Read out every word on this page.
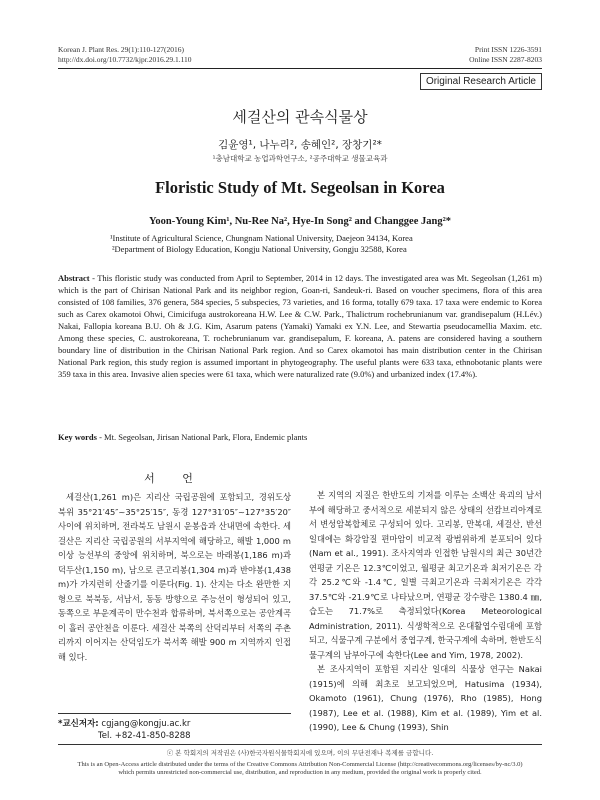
Korean J. Plant Res. 29(1):110-127(2016)
http://dx.doi.org/10.7732/kjpr.2016.29.1.110
Print ISSN 1226-3591
Online ISSN 2287-8203
Original Research Article
세걸산의 관속식물상
김윤영¹, 나누리², 송혜인², 장창기²*
¹충남대학교 농업과학연구소, ²공주대학교 생물교육과
Floristic Study of Mt. Segeolsan in Korea
Yoon-Young Kim¹, Nu-Ree Na², Hye-In Song² and Changgee Jang²*
¹Institute of Agricultural Science, Chungnam National University, Daejeon 34134, Korea
²Department of Biology Education, Kongju National University, Gongju 32588, Korea
Abstract - This floristic study was conducted from April to September, 2014 in 12 days. The investigated area was Mt. Segeolsan (1,261 m) which is the part of Chirisan National Park and its neighbor region, Goan-ri, Sandeuk-ri. Based on voucher specimens, flora of this area consisted of 108 families, 376 genera, 584 species, 5 subspecies, 73 varieties, and 16 forma, totally 679 taxa. 17 taxa were endemic to Korea such as Carex okamotoi Ohwi, Cimicifuga austrokoreana H.W. Lee & C.W. Park., Thalictrum rochebrunianum var. grandisepalum (H.Lév.) Nakai, Fallopia koreana B.U. Oh & J.G. Kim, Asarum patens (Yamaki) Yamaki ex Y.N. Lee, and Stewartia pseudocamellia Maxim. etc. Among these species, C. austrokoreana, T. rochebrunianum var. grandisepalum, F. koreana, A. patens are considered having a southern boundary line of distribution in the Chirisan National Park region. And so Carex okamotoi has main distribution center in the Chirisan National Park region, this study region is assumed important in phytogeography. The useful plants were 633 taxa, ethnobotanic plants were 359 taxa in this area. Invasive alien species were 61 taxa, which were naturalized rate (9.0%) and urbanized index (17.4%).
Key words - Mt. Segeolsan, Jirisan National Park, Flora, Endemic plants
서 언

세걸산(1,261 m)은 지리산 국립공원에 포함되고, 경위도상 북위 35°21′45″~35°25′15″, 동경 127°31′05″~127°35′20″ 사이에 위치하며, 전라북도 남원시 운봉읍과 산내면에 속한다. 세걸산은 지리산 국립공원의 서부지역에 해당하고, 해발 1,000 m 이상 능선부의 중앙에 위치하며, 북으로는 바래봉(1,186 m)과 덕두산(1,150 m), 남으로 큰고리봉(1,304 m)과 반야봉(1,438 m)가 가지런히 산줄기를 이룬다(Fig. 1). 산지는 다소 완만한 지형으로 북북동, 서남서, 동동 방향으로 주능선이 형성되어 있고, 동쪽으로 부운계곡이 만수천과 합류하며, 북서쪽으로는 공안계곡이 흘러 공안천을 이룬다. 세걸산 북쪽의 산덕리부터 서쪽의 주촌리까지 이어지는 산덕임도가 북서쪽 해발 900 m 지역까지 인접해 있다.

본 지역의 지질은 한반도의 기저를 이루는 소백산 육괴의 남서부에 해당하고 중서적으로 세분되지 않은 상태의 선캄브리아계로서 변성암복합체로 구성되어 있다. 고리봉, 만복대, 세걸산, 반선 일대에는 화강암질 편마암이 비교적 광범위하게 분포되어 있다(Nam et al., 1991). 조사지역과 인접한 남원시의 최근 30년간 연평균 기온은 12.3℃이었고, 월평균 최고기온과 최저기온은 각각 25.2℃와 -1.4℃, 일별 극최고기온과 극최저기온은 각각 37.5℃와 -21.9℃로 나타났으며, 연평균 강수량은 1380.4 ㎜, 습도는 71.7%로 측정되었다(Korea Meteorological Administration, 2011). 식생학적으로 온대활엽수림대에 포함되고, 식물구계 구분에서 중엽구계, 한국구계에 속하며, 한반도식물구계의 남부아구에 속한다(Lee and Yim, 1978, 2002).

본 조사지역이 포함된 지리산 일대의 식물상 연구는 Nakai (1915)에 의해 최초로 보고되었으며, Hatusima (1934), Okamoto (1961), Chung (1976), Rho (1985), Hong (1987), Lee et al. (1988), Kim et al. (1989), Yim et al. (1990), Lee & Chung (1993), Shin

*교신저자: cgjang@kongju.ac.kr
Tel. +82-41-850-8288
ⓒ 본 학회지의 저작권은 (사)한국자원식물학회지에 있으며, 이의 무단전재나 복제를 금합니다.
This is an Open-Access article distributed under the terms of the Creative Commons Attribution Non-Commercial License (http://creativecommons.org/licenses/by-nc/3.0)
which permits unrestricted non-commercial use, distribution, and reproduction in any medium, provided the original work is properly cited.
